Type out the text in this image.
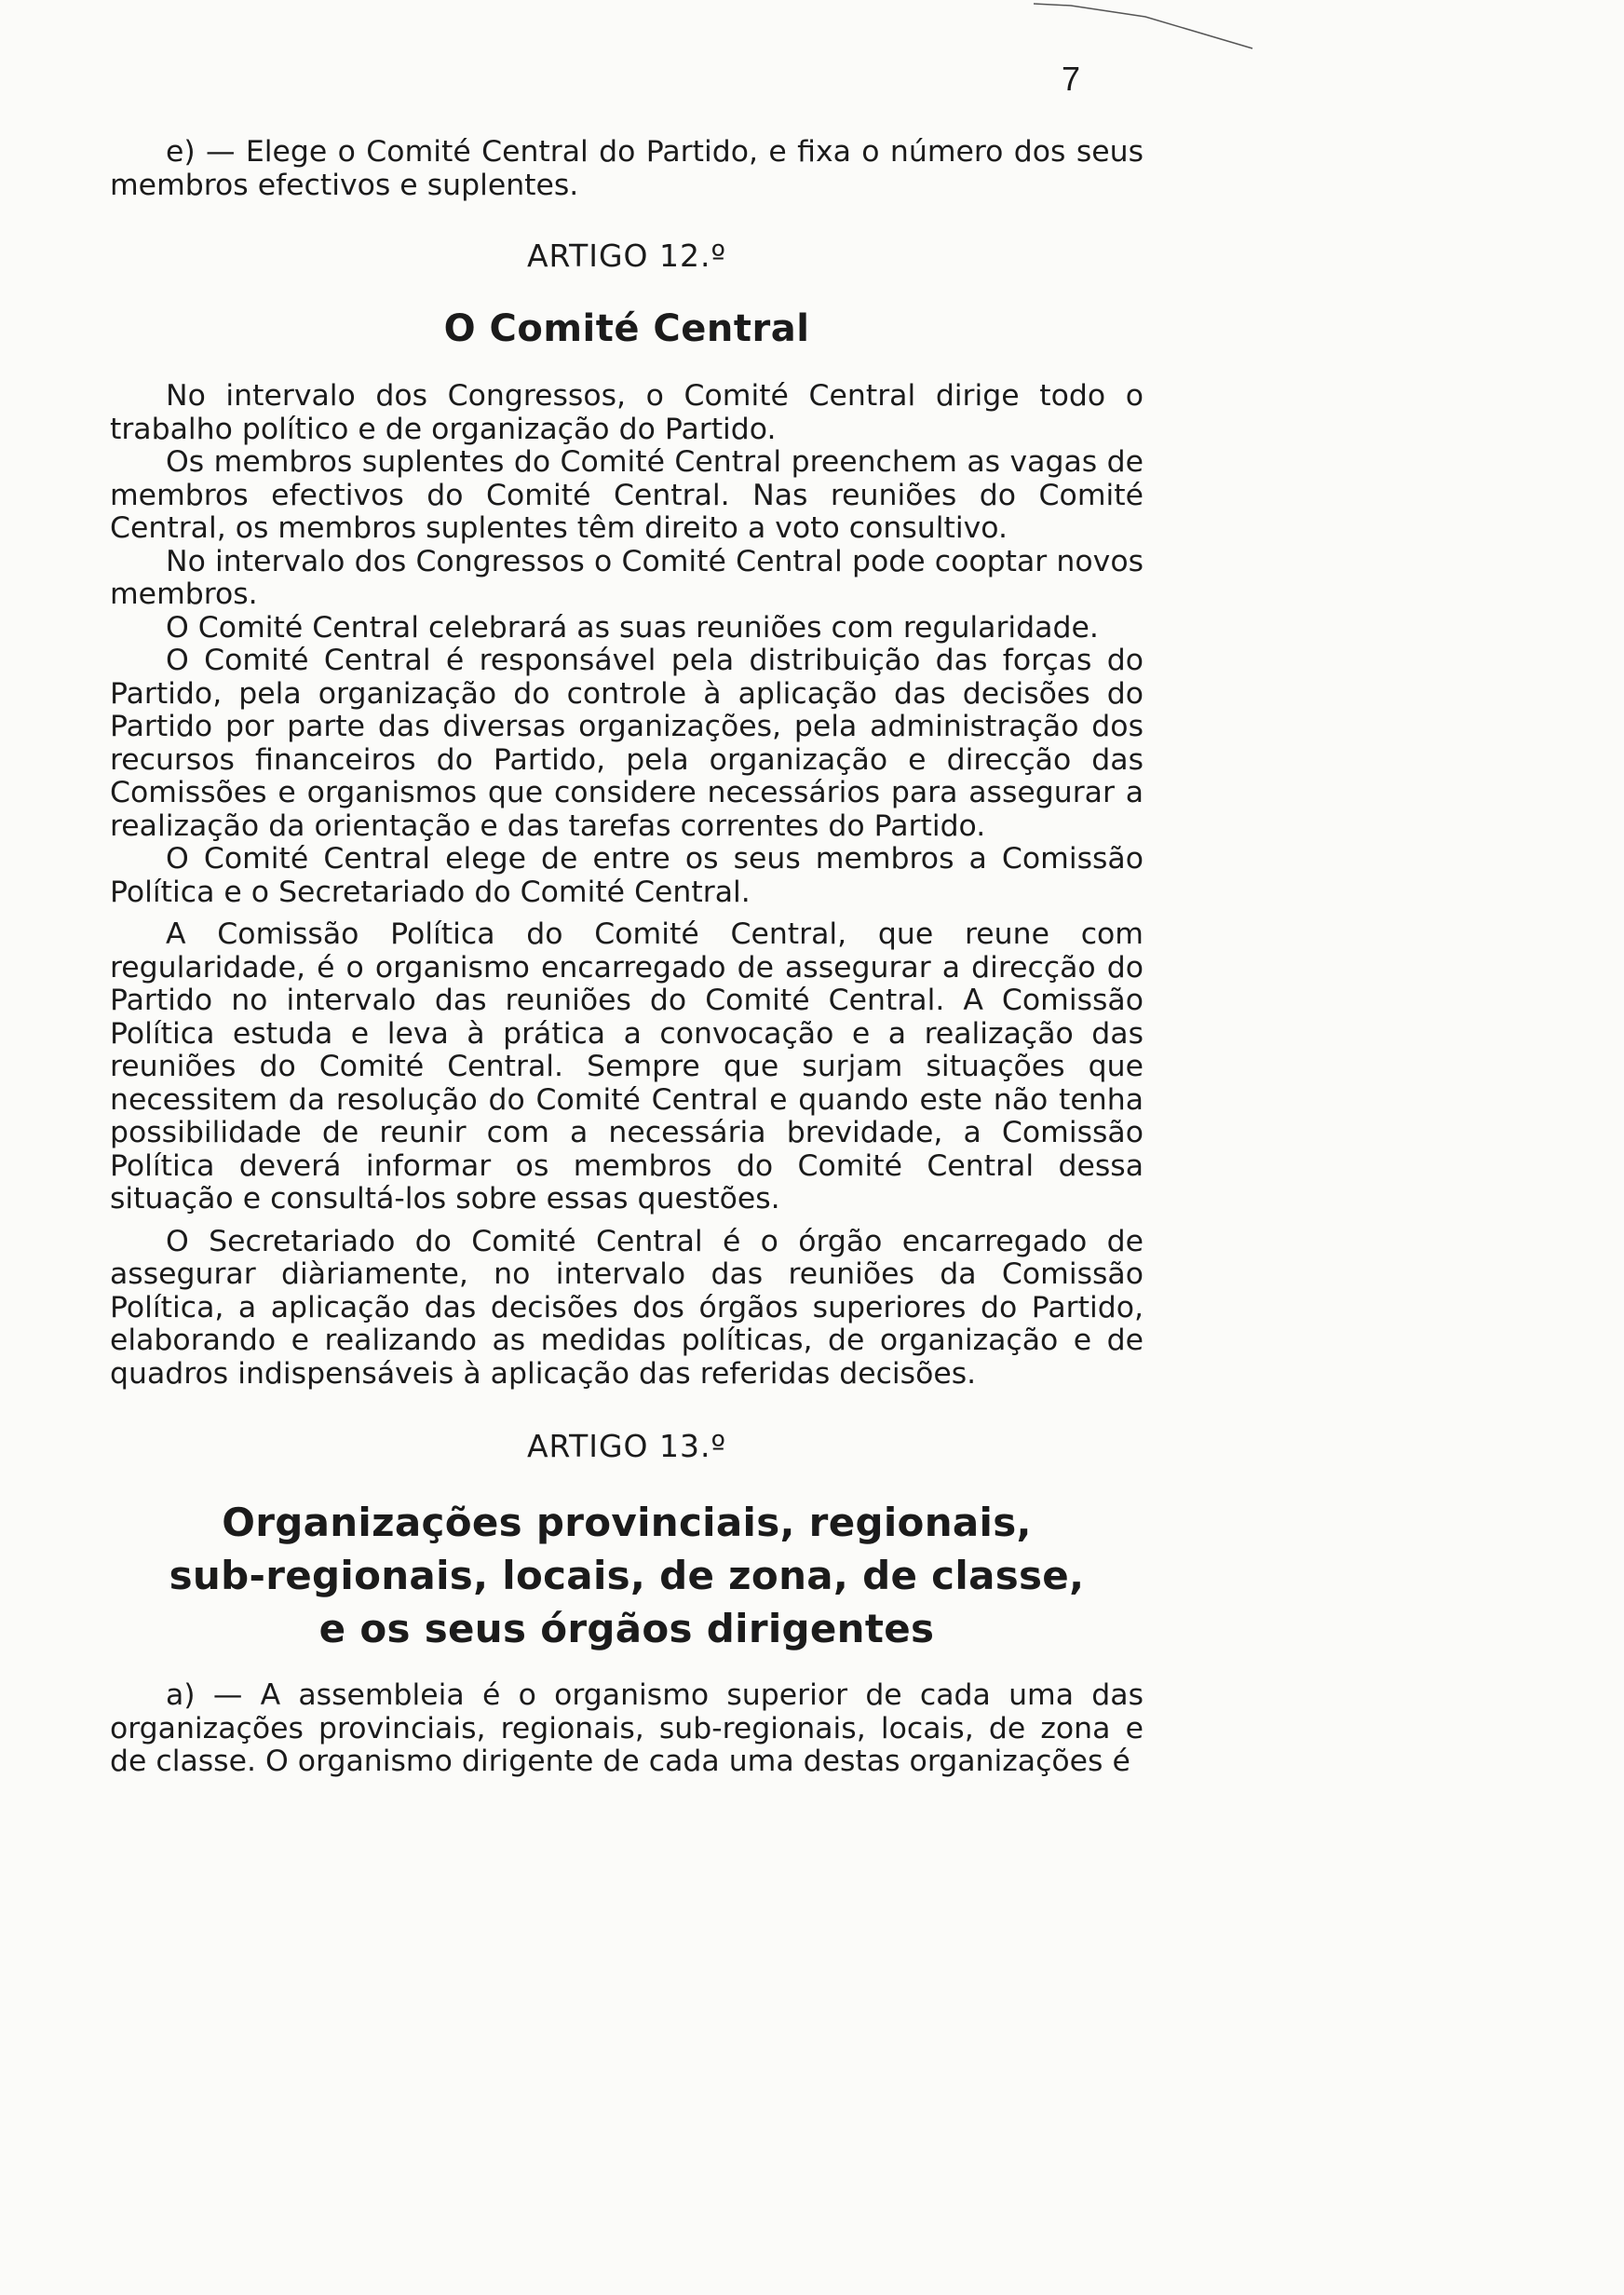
7

e) — Elege o Comité Central do Partido, e fixa o número dos seus membros efectivos e suplentes.

ARTIGO 12.º
O Comité Central

No intervalo dos Congressos, o Comité Central dirige todo o trabalho político e de organização do Partido.

Os membros suplentes do Comité Central preenchem as vagas de membros efectivos do Comité Central. Nas reuniões do Comité Central, os membros suplentes têm direito a voto consultivo.

No intervalo dos Congressos o Comité Central pode cooptar novos membros.

O Comité Central celebrará as suas reuniões com regularidade.

O Comité Central é responsável pela distribuição das forças do Partido, pela organização do controle à aplicação das decisões do Partido por parte das diversas organizações, pela administração dos recursos financeiros do Partido, pela organização e direcção das Comissões e organismos que considere necessários para assegurar a realização da orientação e das tarefas correntes do Partido.

O Comité Central elege de entre os seus membros a Comissão Política e o Secretariado do Comité Central.

A Comissão Política do Comité Central, que reune com regularidade, é o organismo encarregado de assegurar a direcção do Partido no intervalo das reuniões do Comité Central. A Comissão Política estuda e leva à prática a convocação e a realização das reuniões do Comité Central. Sempre que surjam situações que necessitem da resolução do Comité Central e quando este não tenha possibilidade de reunir com a necessária brevidade, a Comissão Política deverá informar os membros do Comité Central dessa situação e consultá-los sobre essas questões.

O Secretariado do Comité Central é o órgão encarregado de assegurar diàriamente, no intervalo das reuniões da Comissão Política, a aplicação das decisões dos órgãos superiores do Partido, elaborando e realizando as medidas políticas, de organização e de quadros indispensáveis à aplicação das referidas decisões.

ARTIGO 13.º
Organizações provinciais, regionais,
sub-regionais, locais, de zona, de classe,
e os seus órgãos dirigentes

a) — A assembleia é o organismo superior de cada uma das organizações provinciais, regionais, sub-regionais, locais, de zona e de classe. O organismo dirigente de cada uma destas organizações é
